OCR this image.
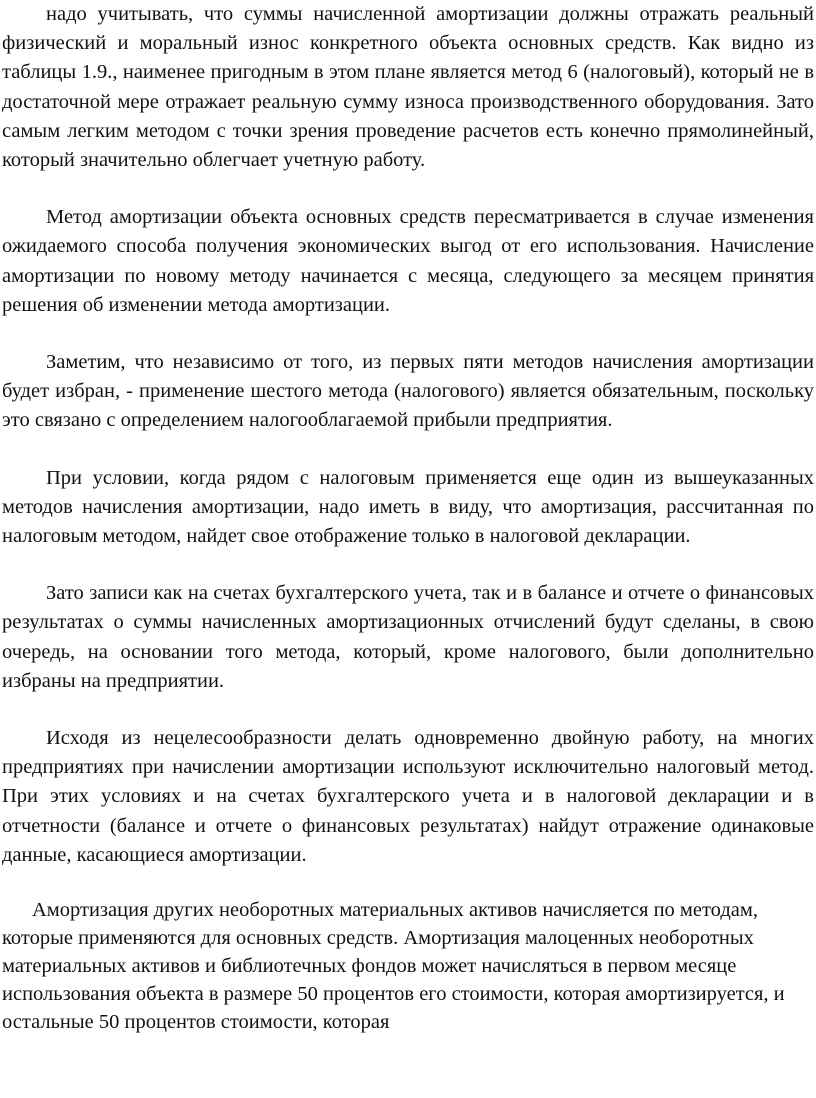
надо учитывать, что суммы начисленной амортизации должны отражать реальный физический и моральный износ конкретного объекта основных средств. Как видно из таблицы 1.9., наименее пригодным в этом плане является метод 6 (налоговый), который не в достаточной мере отражает реальную сумму износа производственного оборудования. Зато самым легким методом с точки зрения проведение расчетов есть конечно прямолинейный, который значительно облегчает учетную работу.

Метод амортизации объекта основных средств пересматривается в случае изменения ожидаемого способа получения экономических выгод от его использования. Начисление амортизации по новому методу начинается с месяца, следующего за месяцем принятия решения об изменении метода амортизации.

Заметим, что независимо от того, из первых пяти методов начисления амортизации будет избран, - применение шестого метода (налогового) является обязательным, поскольку это связано с определением налогооблагаемой прибыли предприятия.

При условии, когда рядом с налоговым применяется еще один из вышеуказанных методов начисления амортизации, надо иметь в виду, что амортизация, рассчитанная по налоговым методом, найдет свое отображение только в налоговой декларации.

Зато записи как на счетах бухгалтерского учета, так и в балансе и отчете о финансовых результатах о суммы начисленных амортизационных отчислений будут сделаны, в свою очередь, на основании того метода, который, кроме налогового, были дополнительно избраны на предприятии.

Исходя из нецелесообразности делать одновременно двойную работу, на многих предприятиях при начислении амортизации используют исключительно налоговый метод. При этих условиях и на счетах бухгалтерского учета и в налоговой декларации и в отчетности (балансе и отчете о финансовых результатах) найдут отражение одинаковые данные, касающиеся амортизации.

Амортизация других необоротных материальных активов начисляется по методам, которые применяются для основных средств. Амортизация малоценных необоротных материальных активов и библиотечных фондов может начисляться в первом месяце использования объекта в размере 50 процентов его стоимости, которая амортизируется, и остальные 50 процентов стоимости, которая
